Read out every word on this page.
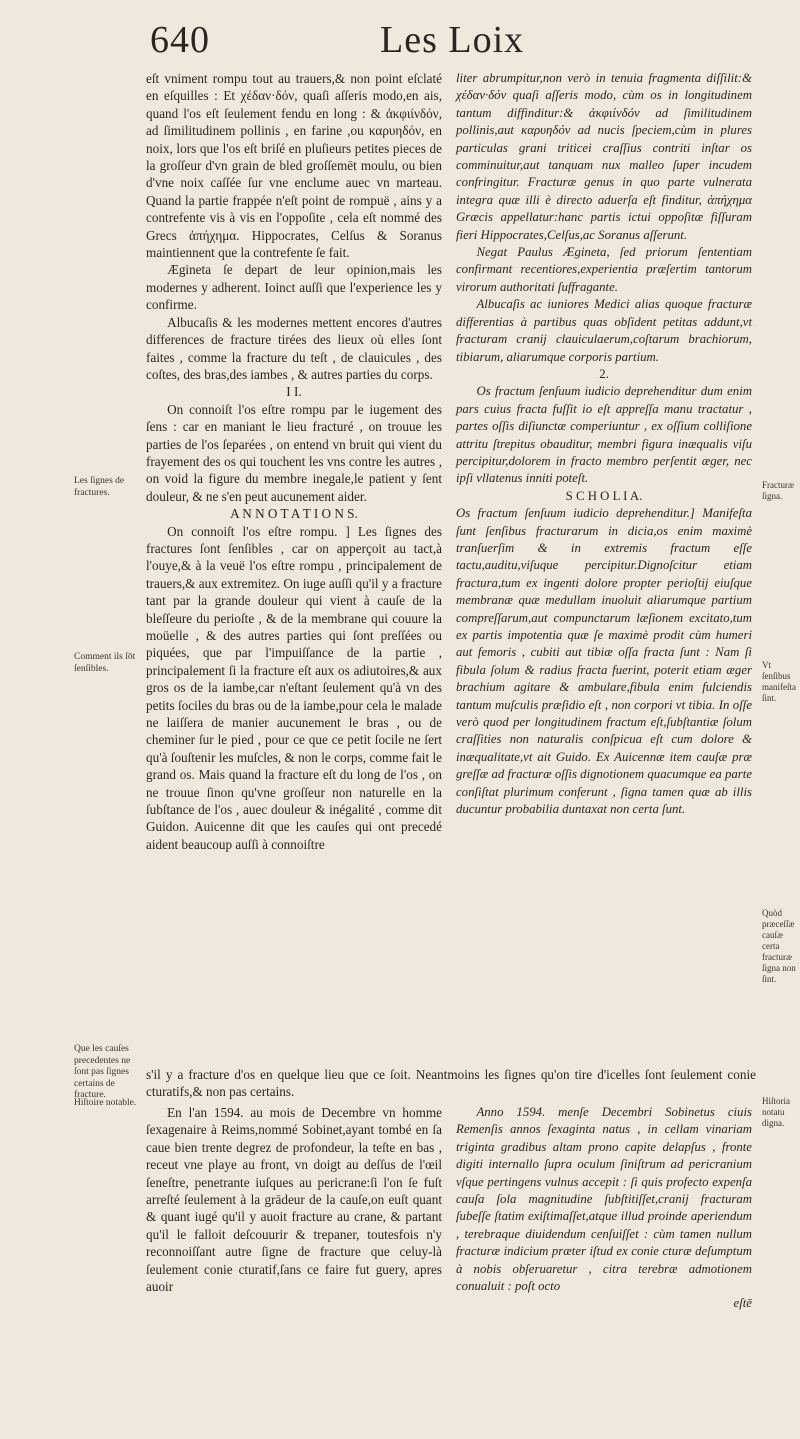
640	Les Loix

eſt vniment rompu tout au trauers,& non point eſclaté en eſquilles : Et χέδαν·δόν, quaſi aſſeris modo,en ais, quand l'os eſt ſeulement fendu en long : & ἀκφιίνδόν, ad ſimilitudinem pollinis , en farine ,ou καρυηδόν, en noix, lors que l'os eſt briſé en pluſieurs petites pieces de la groſſeur d'vn grain de bled groſſemēt moulu, ou bien d'vne noix caſſée ſur vne enclume auec vn marteau. Quand la partie frappée n'eſt point de rompuë , ains y a contrefente vis à vis en l'oppoſite , cela eſt nommé des Grecs ἀπήχημα. Hippocrates, Celſus & Soranus maintiennent que la contrefente ſe fait.

Ægineta ſe depart de leur opinion,mais les modernes y adherent. Ioinct auſſi que l'experience les y confirme.

Albucaſis & les modernes mettent encores d'autres differences de fracture tirées des lieux où elles ſont faites , comme la fracture du teſt , de clauicules , des coſtes, des bras,des iambes , & autres parties du corps.

I I.

On connoiſt l'os eſtre rompu par le iugement des ſens : car en maniant le lieu fracturé , on trouue les parties de l'os ſeparées , on entend vn bruit qui vient du frayement des os qui touchent les vns contre les autres , on void la figure du membre inegale,le patient y ſent douleur, & ne s'en peut aucunement aider.

A N N O T A T I O N S.

On connoiſt l'os eſtre rompu. ] Les ſignes des fractures ſont ſenſibles , car on apperçoit au tact,à l'ouye,& à la veuë l'os eſtre rompu , principalement de trauers,& aux extremitez. On iuge auſſi qu'il y a fracture tant par la grande douleur qui vient à cauſe de la bleſſeure du perioſte , & de la membrane qui couure la moüelle , & des autres parties qui ſont preſſées ou piquées, que par l'impuiſſance de la partie , principalement ſi la fracture eſt aux os adiutoires,& aux gros os de la iambe,car n'eſtant ſeulement qu'à vn des petits ſociles du bras ou de la iambe,pour cela le malade ne laiſſera de manier aucunement le bras , ou de cheminer ſur le pied , pour ce que ce petit ſocile ne ſert qu'à ſouſtenir les muſcles, & non le corps, comme fait le grand os. Mais quand la fracture eſt du long de l'os , on ne trouue ſinon qu'vne groſſeur non naturelle en la ſubſtance de l'os , auec douleur & inégalité , comme dit Guidon. Auicenne dit que les cauſes qui ont precedé aident beaucoup auſſi à connoiſtre

liter abrumpitur,non verò in tenuia fragmenta diſſilit:& χέδαν·δόν quaſi aſſeris modo, cùm os in longitudinem tantum diffinditur:& ἀκφιίνδόν ad ſimilitudinem pollinis,aut καρυηδόν ad nucis ſpeciem,cùm in plures particulas grani triticei craſſius contriti inſtar os comminuitur,aut tanquam nux malleo ſuper incudem confringitur. Fracturæ genus in quo parte vulnerata integra quæ illi è directo aduerſa eſt finditur, ἀπήχημα Græcis appellatur:hanc partis ictui oppoſitæ fiſſuram fieri Hippocrates,Celſus,ac Soranus aſſerunt.

Negat Paulus Ægineta, ſed priorum ſententiam confirmant recentiores,experientia præſertim tantorum virorum authoritati ſuffragante.

Albucaſis ac iuniores Medici alias quoque fracturæ differentias à partibus quas obſident petitas addunt,vt fracturam cranij clauiculaerum,coſtarum brachiorum, tibiarum, aliarumque corporis partium.

2.

Os fractum ſenſuum iudicio deprehenditur dum enim pars cuius fracta fuſſit io eſt appreſſa manu tractatur , partes oſſis diſiunctæ comperiuntur , ex oſſium colliſione attritu ſtrepitus obauditur, membri figura inæqualis viſu percipitur,dolorem in fracto membro perſentit æger, nec ipſi vllatenus inniti poteſt.

S C H O L I A.

Os fractum ſenſuum iudicio deprehenditur.] Manifeſta ſunt ſenſibus fracturarum in dicia,os enim maximè tranſuerſim & in extremis fractum eſſe tactu,auditu,viſuque percipitur.Dignoſcitur etiam fractura,tum ex ingenti dolore propter perioſtij eiuſque membranæ quæ medullam inuoluit aliarumque partium compreſſarum,aut compunctarum læſionem excitato,tum ex partis impotentia quæ ſe maximè prodit cùm humeri aut femoris , cubiti aut tibiæ oſſa fracta ſunt : Nam ſi fibula ſolum & radius fracta fuerint, poterit etiam æger brachium agitare & ambulare,fibula enim fulciendis tantum muſculis præſidio eſt , non corpori vt tibia. In oſſe verò quod per longitudinem fractum eſt,ſubſtantiæ ſolum craſſities non naturalis conſpicua eſt cum dolore & inæqualitate,vt ait Guido. Ex Auicennæ item cauſæ præ greſſæ ad fracturæ oſſis dignotionem quacumque ea parte conſiſtat plurimum conferunt , ſigna tamen quæ ab illis ducuntur probabilia duntaxat non certa ſunt.

s'il y a fracture d'os en quelque lieu que ce ſoit. Neantmoins les ſignes qu'on tire d'icelles ſont ſeulement conie cturatifs,& non pas certains.

En l'an 1594. au mois de Decembre vn homme ſexagenaire à Reims,nommé Sobinet,ayant tombé en ſa caue bien trente degrez de profondeur, la teſte en bas , receut vne playe au front, vn doigt au deſſus de l'œil ſeneſtre, penetrante iuſques au pericrane:ſi l'on ſe fuſt arreſté ſeulement à la grādeur de la cauſe,on euſt quant & quant iugé qu'il y auoit fracture au crane, & partant qu'il le falloit deſcouurir & trepaner, toutesfois n'y reconnoiſſant autre ſigne de fracture que celuy-là ſeulement conie cturatif,ſans ce faire fut guery, apres auoir

Anno 1594. menſe Decembri Sobinetus ciuis Remenſis annos ſexaginta natus , in cellam vinariam triginta gradibus altam prono capite delapſus , fronte digiti internallo ſupra oculum ſiniſtrum ad pericranium vſque pertingens vulnus accepit : ſi quis profecto expenſa cauſa ſola magnitudine ſubſtitiſſet,cranij fracturam ſubeſſe ſtatim exiſtimaſſet,atque illud proinde aperiendum , terebraque diuidendum cenſuiſſet : cùm tamen nullum fracturæ indicium præter iſtud ex conie cturæ deſumptum à nobis obſeruaretur , citra terebræ admotionem conualuit : poſt octo

eſtē

Les ſignes de fractures.
Comment ils ſōt ſenſibles.
Que les cauſes precedentes ne ſont pas ſignes certains de fracture.
Hiſtoire notable.
Fracturæ ſigna.
Vt ſenſibus manifeſta ſint.
Quòd præceſſæ cauſæ certa fracturæ ſigna non ſint.
Hiſtoria notatu digna.
